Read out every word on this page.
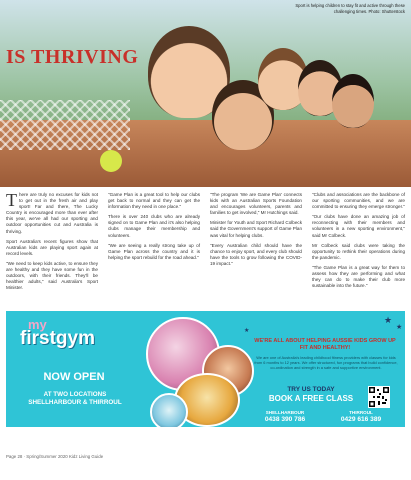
IS THRIVING
Sport is helping children to stay fit and active through these challenging times. Photo: Shutterstock

There are truly no excuses for kids not to get out in the fresh air and play sport! Far and there, The Lucky Country is encouraged more than ever after this year, we've all had our sporting and outdoor opportunities cut and Australia is thriving.

Sport Australia's recent figures show that Australian kids are playing sport again at record levels.

"We need to keep kids active, to ensure they are healthy and they have some fun in the outdoors, with their friends. They'll be healthier adults," said Australia's Sport Minister.

"Game Plan is a great tool to help our clubs get back to normal and they can get the information they need in one place."

There is over 240 clubs who are already signed on to Game Plan and it's also helping clubs manage their membership and volunteers.

"We are seeing a really strong take up of Game Plan across the country and it is helping the sport rebuild for the road ahead."

"The program 'We are Game Plan' connects kids with an Australian Sports Foundation and encourages volunteers, parents and families to get involved," Mr Hutchings said.

Minister for Youth and Sport Richard Colbeck said the Government's support of Game Plan was vital for helping clubs.

"Every Australian child should have the chance to enjoy sport, and every club should have the tools to grow following the COVID-19 impact."

"Clubs and associations are the backbone of our sporting communities, and we are committed to ensuring they emerge stronger."

"Our clubs have done an amazing job of reconnecting with their members and volunteers in a new sporting environment," said Mr Colbeck.

Mr Colbeck said clubs were taking the opportunity to rethink their operations during the pandemic.

"The Game Plan is a great way for them to assess how they are performing and what they can do to make their club more sustainable into the future."

my
firstgym
NOW OPEN
AT TWO LOCATIONS
SHELLHARBOUR & THIRROUL
★
★
★
WE'RE ALL ABOUT HELPING AUSSIE KIDS GROW UP FIT AND HEALTHY!
We are one of Australia's leading childhood fitness providers with classes for kids from 6 months to 12 years. We offer structured, fun programs that build confidence, co-ordination and strength in a safe and supportive environment.
TRY US TODAY
BOOK A FREE CLASS
SHELLHARBOUR
0438 390 786
THIRROUL
0429 616 389
Page 28 · Spring/Summer 2020 Kidz Living Guide
